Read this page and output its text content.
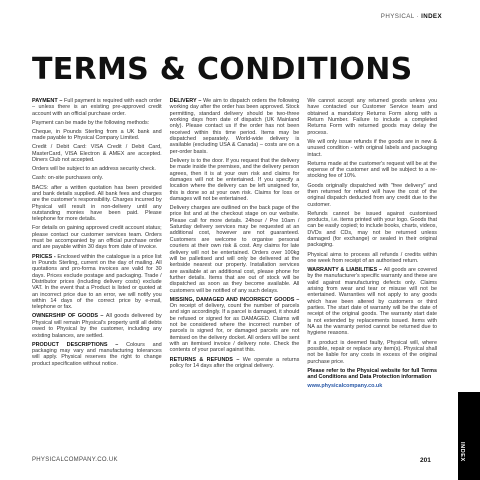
PHYSICAL · INDEX
TERMS & CONDITIONS

PAYMENT – Full payment is required with each order – unless there is an existing pre-approved credit account with an official purchase order.

Payment can be made by the following methods:

Cheque, in Pounds Sterling from a UK bank and made payable to Physical Company Limited.

Credit / Debit Card: VISA Credit / Debit Card, MasterCard, VISA Electron & AMEX are accepted. Diners Club not accepted.

Orders will be subject to an address security check.

Cash: on-site purchases only.

BACS: after a written quotation has been provided and bank details supplied. All bank fees and charges are the customer's responsibility. Charges incurred by Physical will result in non-delivery until any outstanding monies have been paid. Please telephone for more details.

For details on gaining approved credit account status; please contact our customer services team. Orders must be accompanied by an official purchase order and are payable within 30 days from date of invoice.

PRICES - Enclosed within the catalogue is a price list in Pounds Sterling, current on the day of mailing. All quotations and pro-forma invoices are valid for 30 days. Prices exclude postage and packaging. Trade / Distributor prices (including delivery costs) exclude VAT. In the event that a Product is listed or quoted at an incorrect price due to an error, we will notify you within 14 days of the correct price by e-mail, telephone or fax.

OWNERSHIP OF GOODS – All goods delivered by Physical will remain Physical's property until all debts owed to Physical by the customer, including any existing balances, are settled.

PRODUCT DESCRIPTIONS – Colours and packaging may vary and manufacturing tolerances will apply. Physical reserves the right to change product specification without notice.

DELIVERY – We aim to dispatch orders the following working day after the order has been approved. Stock permitting, standard delivery should be two-three working days from date of dispatch (UK Mainland only). Please contact us if the order has not been received within this time period. Items may be dispatched separately. World-wide delivery is available (excluding USA & Canada) – costs are on a per-order basis.

Delivery is to the door. If you request that the delivery be made inside the premises, and the delivery person agrees, then it is at your own risk and claims for damages will not be entertained. If you specify a location where the delivery can be left unsigned for, this is done so at your own risk. Claims for loss or damages will not be entertained.

Delivery charges are outlined on the back page of the price list and at the checkout stage on our website. Please call for more details. 24hour / Pre 10am / Saturday delivery services may be requested at an additional cost, however are not guaranteed. Customers are welcome to organise personal couriers at their own risk & cost. Any claims for late delivery will not be entertained. Orders over 100kg will be palletised and will only be delivered at the kerbside nearest our property. Installation services are available at an additional cost, please phone for further details. Items that are out of stock will be dispatched as soon as they become available. All customers will be notified of any such delays.

MISSING, DAMAGED AND INCORRECT GOODS – On receipt of delivery, count the number of parcels and sign accordingly. If a parcel is damaged, it should be refused or signed for as DAMAGED. Claims will not be considered where the incorrect number of parcels is signed for, or damaged parcels are not itemised on the delivery docket. All orders will be sent with an itemised invoice / delivery note. Check the contents of your parcel against this.

RETURNS & REFUNDS – We operate a returns policy for 14 days after the original delivery.

We cannot accept any returned goods unless you have contacted our Customer Service team and obtained a mandatory Returns Form along with a Return Number. Failure to include a completed Returns Form with returned goods may delay the process.

We will only issue refunds if the goods are in new & unused condition - with original labels and packaging intact.

Returns made at the customer's request will be at the expense of the customer and will be subject to a re-stocking fee of 10%.

Goods originally dispatched with "free delivery" and then returned for refund will have the cost of the original dispatch deducted from any credit due to the customer.

Refunds cannot be issued against customised products, i.e. items printed with your logo. Goods that can be easily copied; to include books, charts, videos, DVDs and CDs, may not be returned unless damaged (for exchange) or sealed in their original packaging.

Physical aims to process all refunds / credits within one week from receipt of an authorised return.

WARRANTY & LIABILITIES – All goods are covered by the manufacturer's specific warranty and these are valid against manufacturing defects only. Claims arising from wear and tear or misuse will not be entertained. Warranties will not apply to any goods which have been altered by customers or third parties. The start date of warranty will be the date of receipt of the original goods. The warranty start date is not extended by replacements issued. Items with NA as the warranty period cannot be returned due to hygiene reasons.

If a product is deemed faulty, Physical will, where possible, repair or replace any item(s). Physical shall not be liable for any costs in excess of the original purchase price.

Please refer to the Physical website for full Terms and Conditions and Data Protection information

www.physicalcompany.co.uk

PHYSICALCOMPANY.CO.UK	201	INDEX
